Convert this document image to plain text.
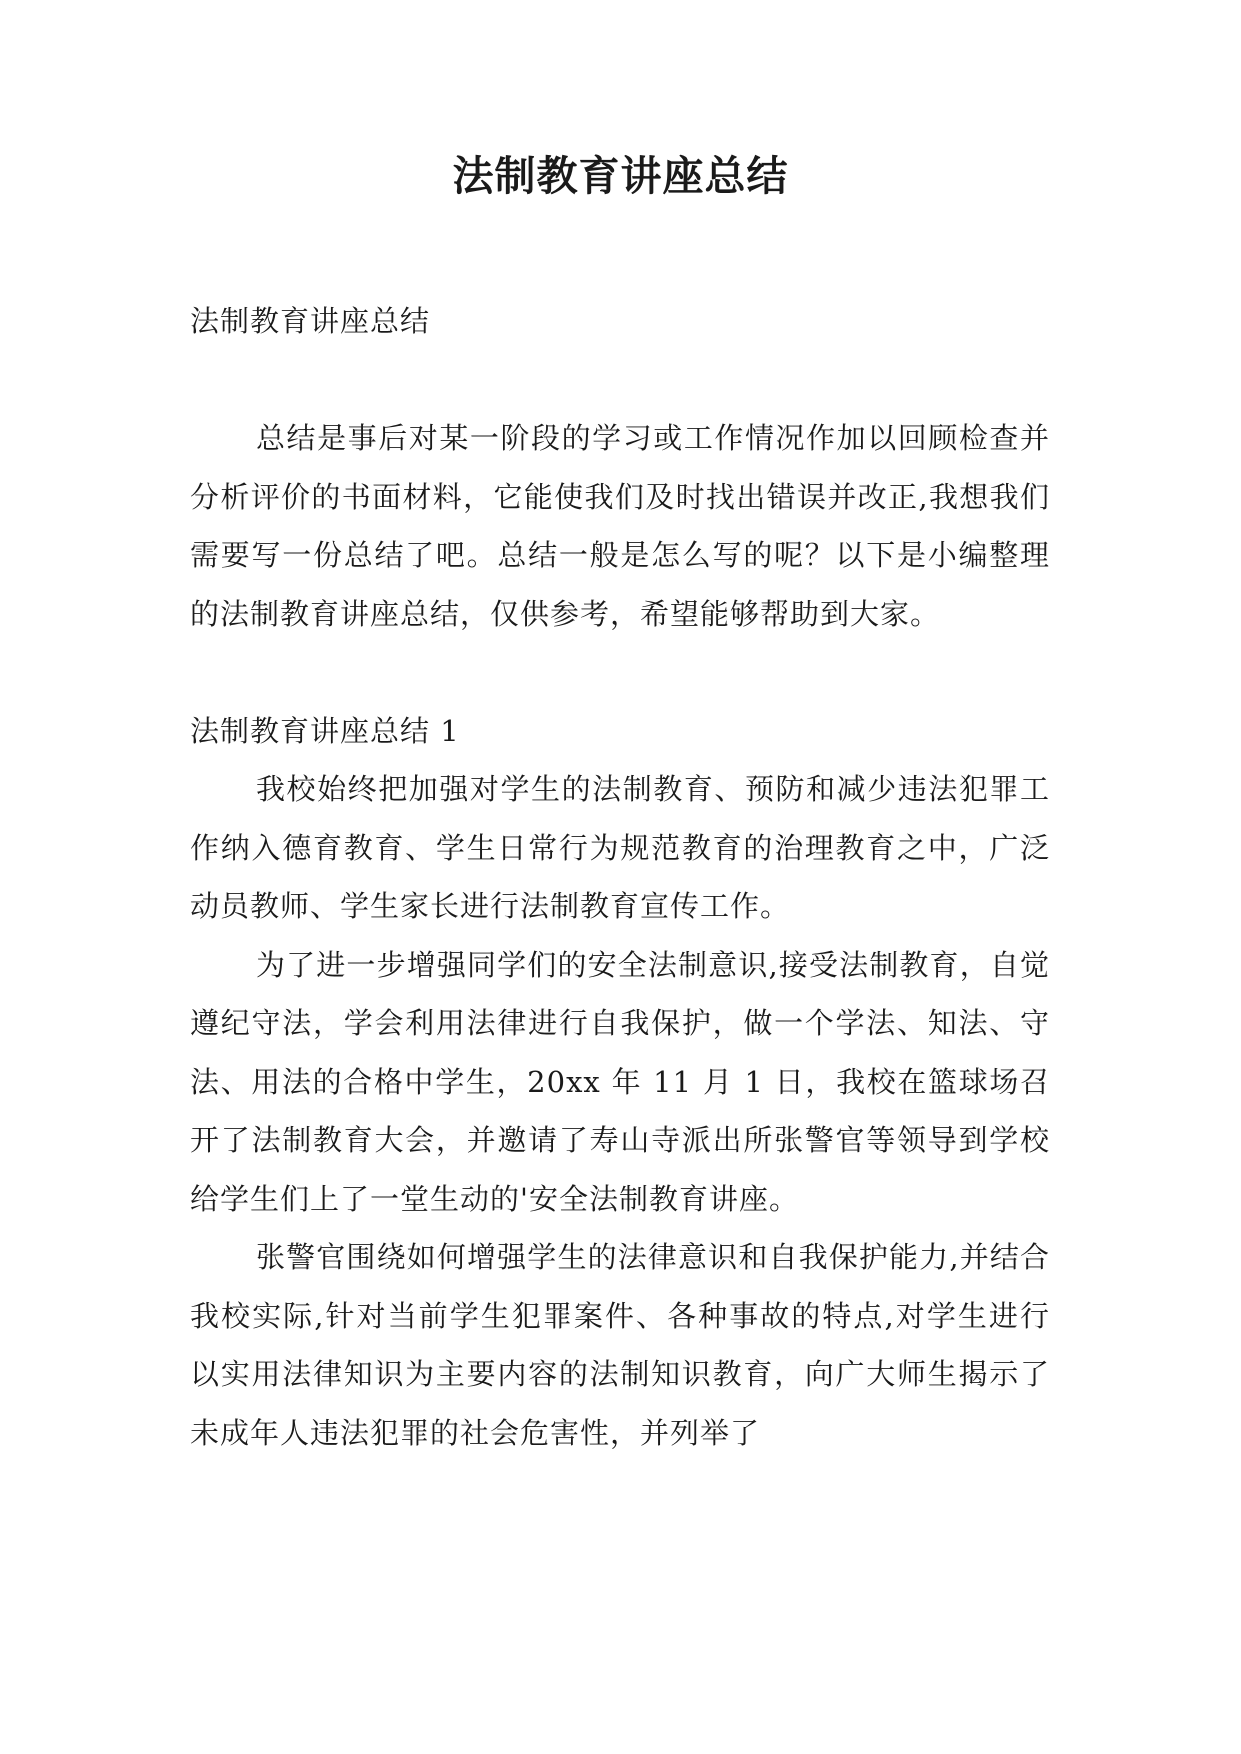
法制教育讲座总结

法制教育讲座总结

总结是事后对某一阶段的学习或工作情况作加以回顾检查并分析评价的书面材料，它能使我们及时找出错误并改正,我想我们需要写一份总结了吧。总结一般是怎么写的呢？以下是小编整理的法制教育讲座总结，仅供参考，希望能够帮助到大家。

法制教育讲座总结 1

我校始终把加强对学生的法制教育、预防和减少违法犯罪工作纳入德育教育、学生日常行为规范教育的治理教育之中，广泛动员教师、学生家长进行法制教育宣传工作。

为了进一步增强同学们的安全法制意识,接受法制教育，自觉遵纪守法，学会利用法律进行自我保护，做一个学法、知法、守法、用法的合格中学生，20xx 年 11 月 1 日，我校在篮球场召开了法制教育大会，并邀请了寿山寺派出所张警官等领导到学校给学生们上了一堂生动的'安全法制教育讲座。

张警官围绕如何增强学生的法律意识和自我保护能力,并结合我校实际,针对当前学生犯罪案件、各种事故的特点,对学生进行以实用法律知识为主要内容的法制知识教育，向广大师生揭示了未成年人违法犯罪的社会危害性，并列举了
